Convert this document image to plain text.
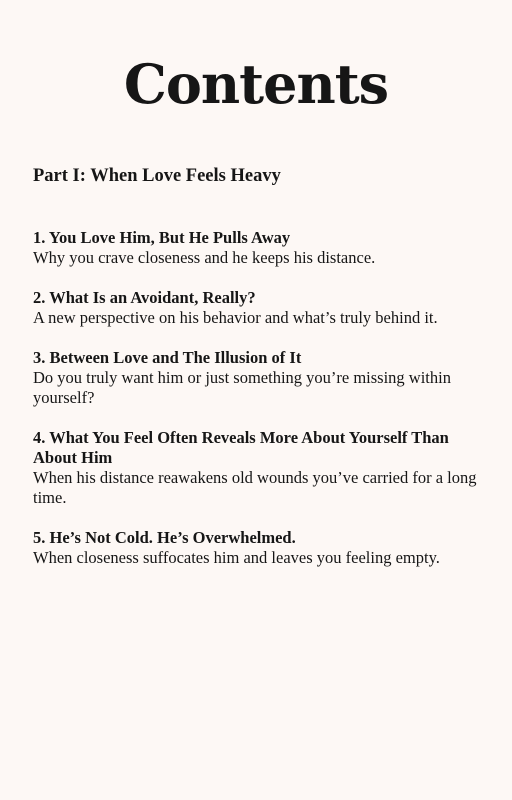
Contents
Part I: When Love Feels Heavy

1. You Love Him, But He Pulls Away

Why you crave closeness and he keeps his distance.

2. What Is an Avoidant, Really?

A new perspective on his behavior and what’s truly behind it.

3. Between Love and The Illusion of It

Do you truly want him or just something you’re missing within yourself?

4. What You Feel Often Reveals More About Yourself Than About Him

When his distance reawakens old wounds you’ve carried for a long time.

5. He’s Not Cold. He’s Overwhelmed.

When closeness suffocates him and leaves you feeling empty.
